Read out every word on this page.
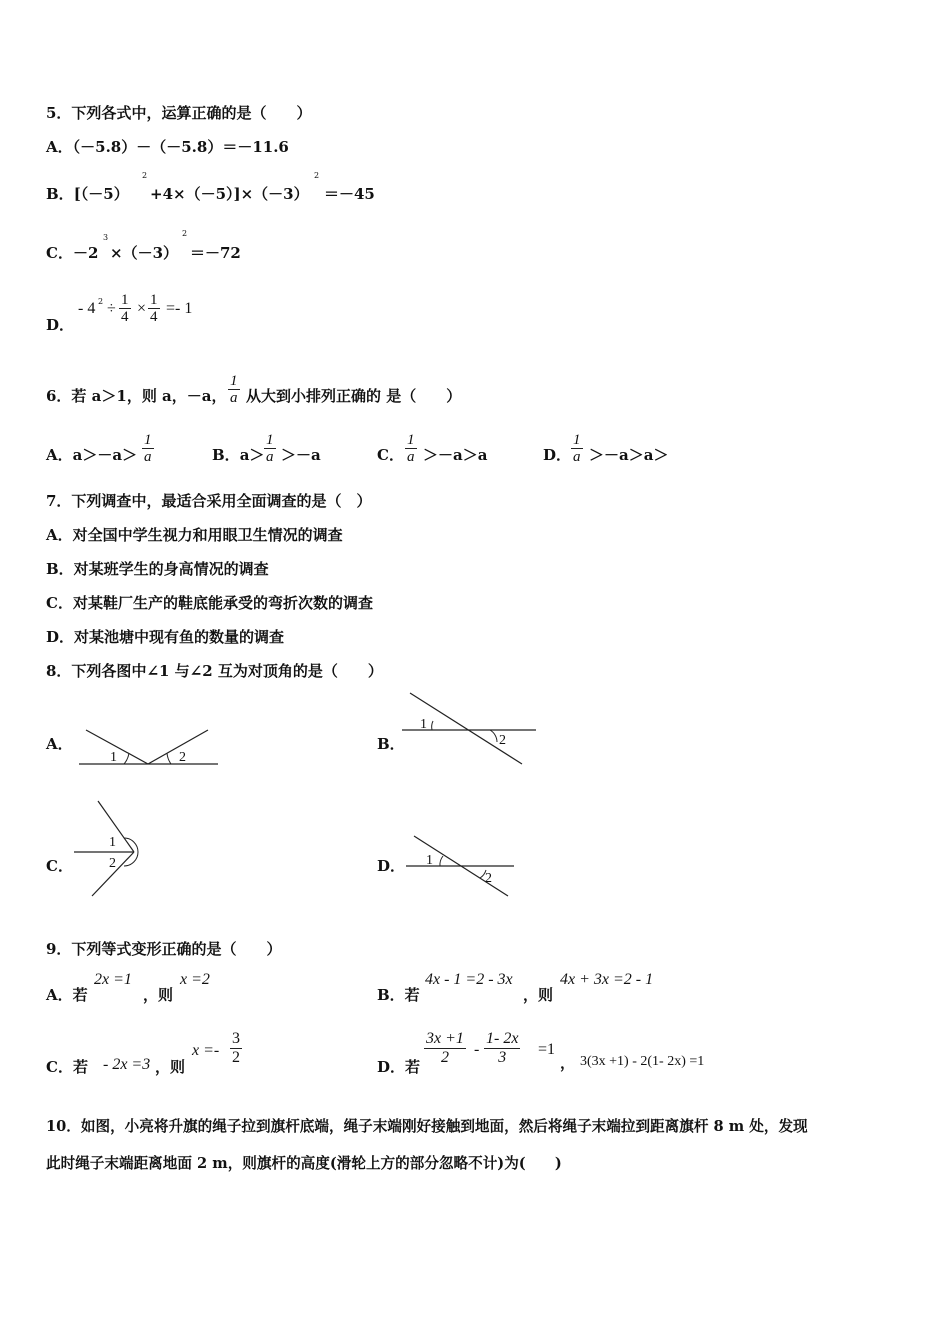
5．下列各式中，运算正确的是（　　）
A．（－5.8）－（－5.8）＝－11.6
B．[（－5）
2
+4×（－5）]×（－3）
2
＝－45
C．－2
3
×（－3）
2
＝－72
D．
- 4 $2 \div \frac{1}{4} \times \frac{1}{4} =- 1$
6．若 a＞1，则 a，－a， $\frac{1}{a}$ 从大到小排列正确的 是（　　）
A．$a>-a> \frac{1}{a}$	B．$a> \frac{1}{a} >-a$	C． $\frac{1}{a} >-a>a$	D． $\frac{1}{a} >-a>a>$
7．下列调查中，最适合采用全面调查的是（　）
A．对全国中学生视力和用眼卫生情况的调查
B．对某班学生的身高情况的调查
C．对某鞋厂生产的鞋底能承受的弯折次数的调查
D．对某池塘中现有鱼的数量的调查
8．下列各图中∠1 与∠2 互为对顶角的是（　　）
A．
1	2
B．
1
2
C．
1
2	D． 1
2
9．下列等式变形正确的是（　　）
A．若
2x =1
，则
x =2
B．若
4x - 1 =2 - 3x
，则
4x + 3x =2 - 1
C．若 - 2x =3 ，则
$x =- \frac{3}{2}$	D．若 $\frac{3x +1}{2} - \frac{1- 2x}{3} =1$
， 3(3x +1) - 2(1- 2x) =1
10．如图，小亮将升旗的绳子拉到旗杆底端，绳子末端刚好接触到地面，然后将绳子末端拉到距离旗杆 8 m 处，发现
此时绳子末端距离地面 2 m，则旗杆的高度(滑轮上方的部分忽略不计)为(　　)
